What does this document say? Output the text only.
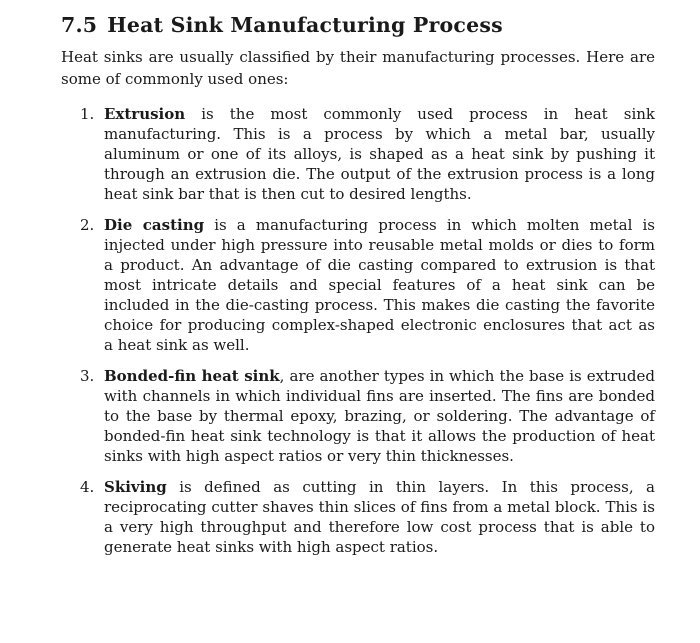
7.5 Heat Sink Manufacturing Process

Heat sinks are usually classified by their manufacturing processes. Here are some of commonly used ones:

1. Extrusion is the most commonly used process in heat sink manufacturing. This is a process by which a metal bar, usually aluminum or one of its alloys, is shaped as a heat sink by pushing it through an extrusion die. The output of the extrusion process is a long heat sink bar that is then cut to desired lengths.
2. Die casting is a manufacturing process in which molten metal is injected under high pressure into reusable metal molds or dies to form a product. An advantage of die casting compared to extrusion is that most intricate details and special features of a heat sink can be included in the die-casting process. This makes die casting the favorite choice for producing complex-shaped electronic enclosures that act as a heat sink as well.
3. Bonded-fin heat sink, are another types in which the base is extruded with channels in which individual fins are inserted. The fins are bonded to the base by thermal epoxy, brazing, or soldering. The advantage of bonded-fin heat sink technology is that it allows the production of heat sinks with high aspect ratios or very thin thicknesses.
4. Skiving is defined as cutting in thin layers. In this process, a reciprocating cutter shaves thin slices of fins from a metal block. This is a very high throughput and therefore low cost process that is able to generate heat sinks with high aspect ratios.
